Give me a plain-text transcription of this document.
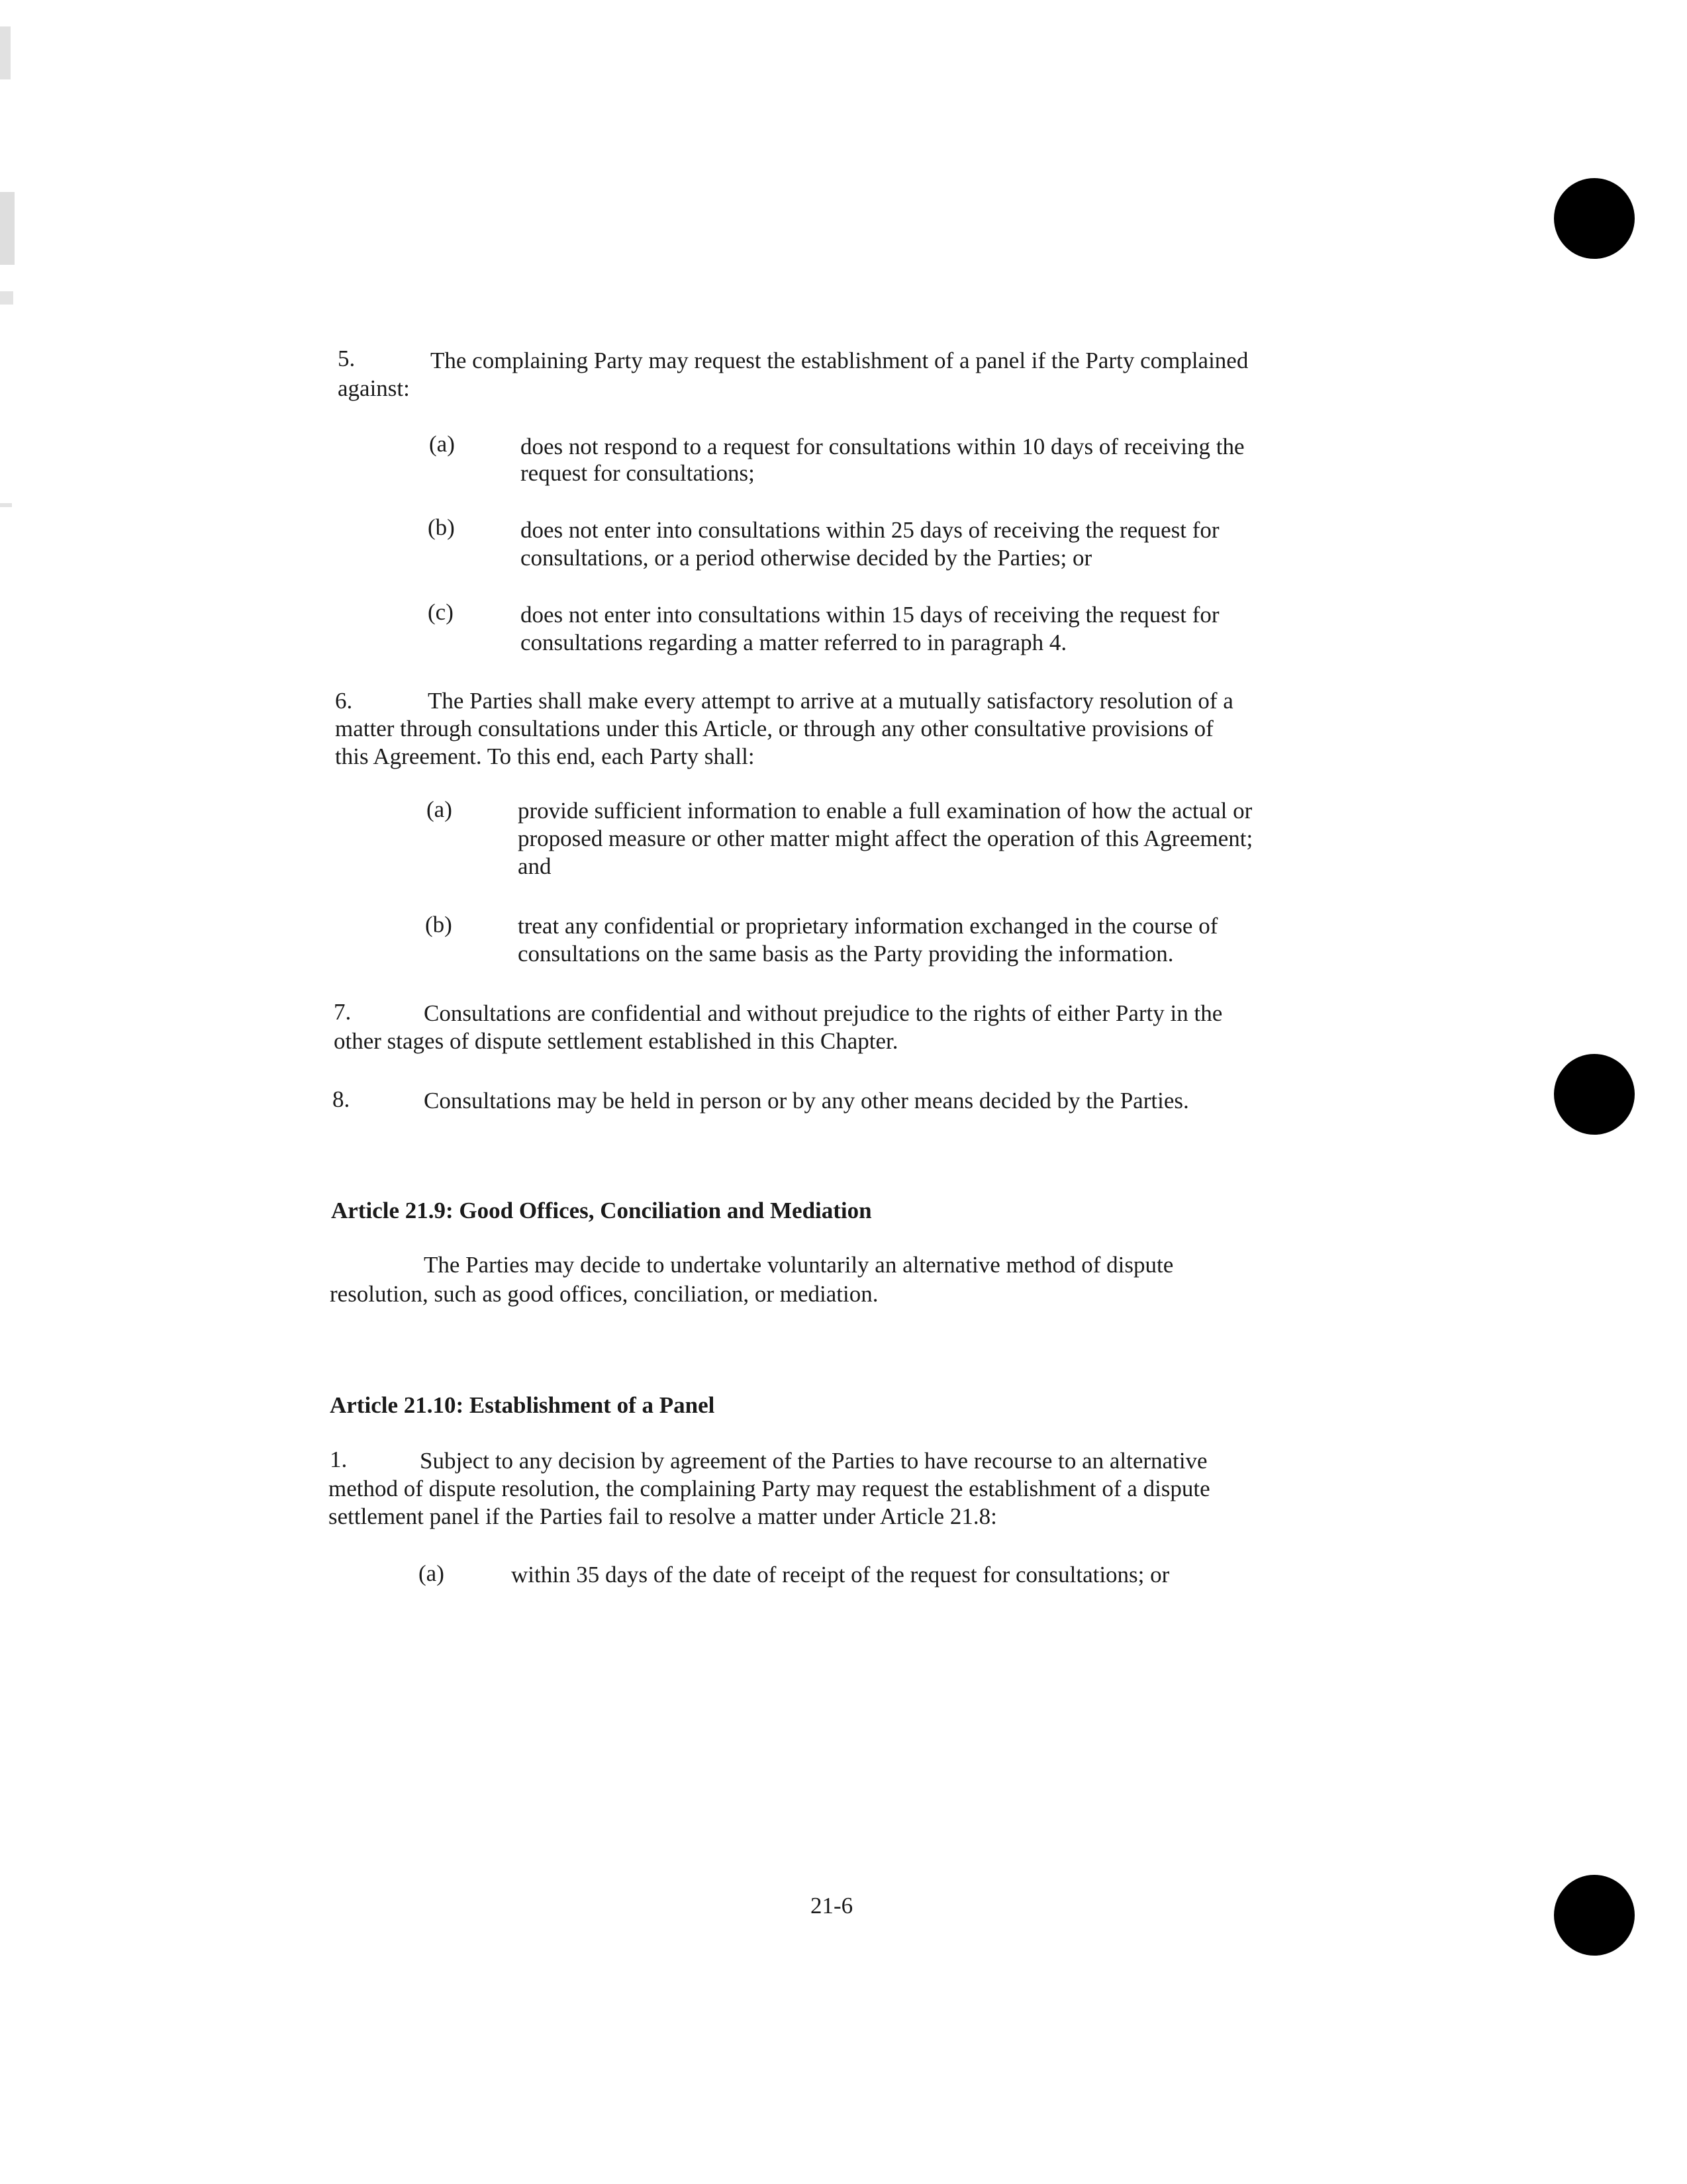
5.	The complaining Party may request the establishment of a panel if the Party complained
against:
(a)	does not respond to a request for consultations within 10 days of receiving the
request for consultations;
(b)	does not enter into consultations within 25 days of receiving the request for
consultations, or a period otherwise decided by the Parties; or
(c)	does not enter into consultations within 15 days of receiving the request for
consultations regarding a matter referred to in paragraph 4.
6.	The Parties shall make every attempt to arrive at a mutually satisfactory resolution of a
matter through consultations under this Article, or through any other consultative provisions of
this Agreement. To this end, each Party shall:
(a)	provide sufficient information to enable a full examination of how the actual or
proposed measure or other matter might affect the operation of this Agreement;
and
(b)	treat any confidential or proprietary information exchanged in the course of
consultations on the same basis as the Party providing the information.
7.	Consultations are confidential and without prejudice to the rights of either Party in the
other stages of dispute settlement established in this Chapter.
8.	Consultations may be held in person or by any other means decided by the Parties.
Article 21.9: Good Offices, Conciliation and Mediation
The Parties may decide to undertake voluntarily an alternative method of dispute
resolution, such as good offices, conciliation, or mediation.
Article 21.10: Establishment of a Panel
1.	Subject to any decision by agreement of the Parties to have recourse to an alternative
method of dispute resolution, the complaining Party may request the establishment of a dispute
settlement panel if the Parties fail to resolve a matter under Article 21.8:
(a)	within 35 days of the date of receipt of the request for consultations; or
21-6
